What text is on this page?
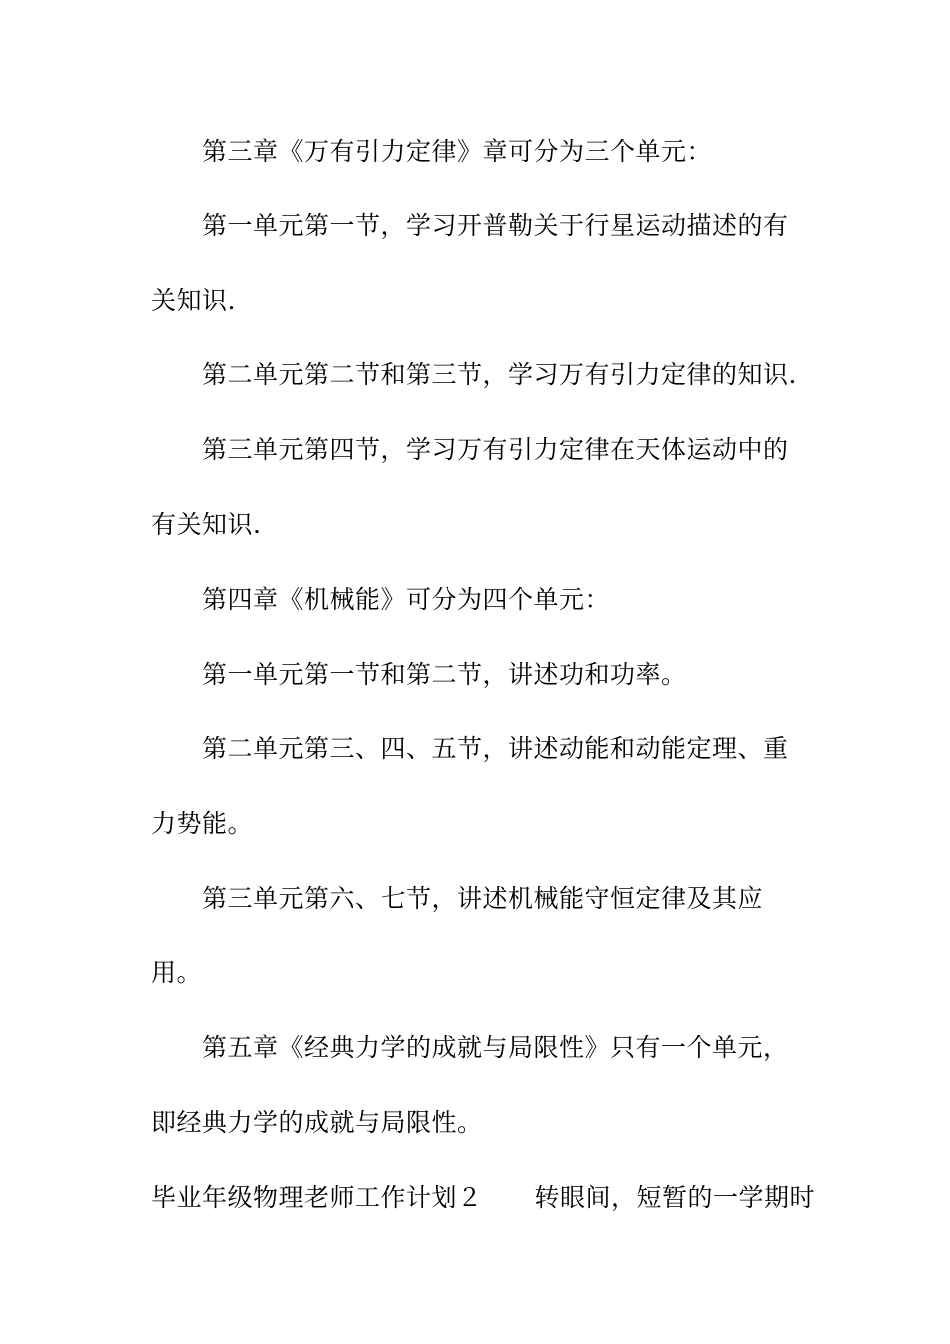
第三章《万有引力定律》章可分为三个单元：
第一单元第一节，学习开普勒关于行星运动描述的有
关知识.
第二单元第二节和第三节，学习万有引力定律的知识.
第三单元第四节，学习万有引力定律在天体运动中的
有关知识.
第四章《机械能》可分为四个单元：
第一单元第一节和第二节，讲述功和功率。
第二单元第三、四、五节，讲述动能和动能定理、重
力势能。
第三单元第六、七节，讲述机械能守恒定律及其应
用。
第五章《经典力学的成就与局限性》只有一个单元，
即经典力学的成就与局限性。
毕业年级物理老师工作计划２ 转眼间，短暂的一学期时
